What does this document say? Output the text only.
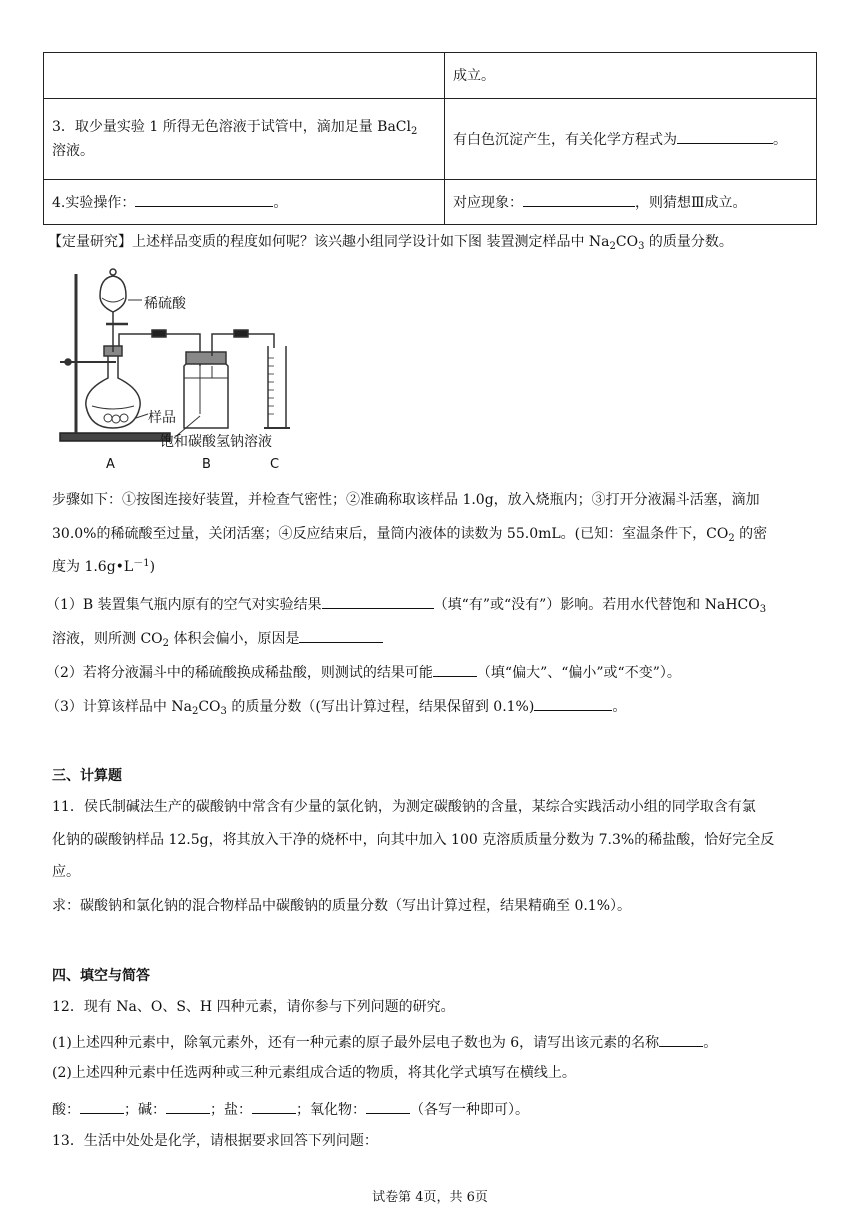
	成立。
3．取少量实验 1 所得无色溶液于试管中，滴加足量 BaCl$_2$
溶液。	有白色沉淀产生，有关化学方程式为 。
4.实验操作： 。	对应现象： ，则猜想Ⅲ成立。
【定量研究】上述样品变质的程度如何呢？该兴趣小组同学设计如下图 装置测定样品中 $Na_2CO_3$ 的质量分数。
稀硫酸
样品
饱和碳酸氢钠溶液
A	B	C
步骤如下：①按图连接好装置，并检查气密性；②准确称取该样品 1.0g，放入烧瓶内；③打开分液漏斗活塞，滴加
30.0%的稀硫酸至过量，关闭活塞；④反应结束后，量筒内液体的读数为 55.0mL。(已知：室温条件下，$CO_2$ 的密
度为 $1.6g•L^{-1}$)
（1）B 装置集气瓶内原有的空气对实验结果	（填“有”或“没有”）影响。若用水代替饱和 NaHCO$_3$
溶液，则所测 $CO_2$ 体积会偏小，原因是
（2）若将分液漏斗中的稀硫酸换成稀盐酸，则测试的结果可能	（填“偏大”、“偏小”或“不变”）。
（3）计算该样品中 $Na_2CO_3$ 的质量分数（(写出计算过程，结果保留到 0.1%)	。
三、计算题
11．侯氏制碱法生产的碳酸钠中常含有少量的氯化钠，为测定碳酸钠的含量，某综合实践活动小组的同学取含有氯
化钠的碳酸钠样品 12.5g，将其放入干净的烧杯中，向其中加入 100 克溶质质量分数为 7.3%的稀盐酸，恰好完全反
应。
求：碳酸钠和氯化钠的混合物样品中碳酸钠的质量分数（写出计算过程，结果精确至 0.1%）。
四、填空与简答
12．现有 Na、O、S、H 四种元素，请你参与下列问题的研究。
(1)上述四种元素中，除氧元素外，还有一种元素的原子最外层电子数也为 6，请写出该元素的名称	。
(2)上述四种元素中任选两种或三种元素组成合适的物质，将其化学式填写在横线上。
酸：	；碱：	；盐：	；氧化物：	（各写一种即可）。
13．生活中处处是化学，请根据要求回答下列问题：
试卷第 4页，共 6页
